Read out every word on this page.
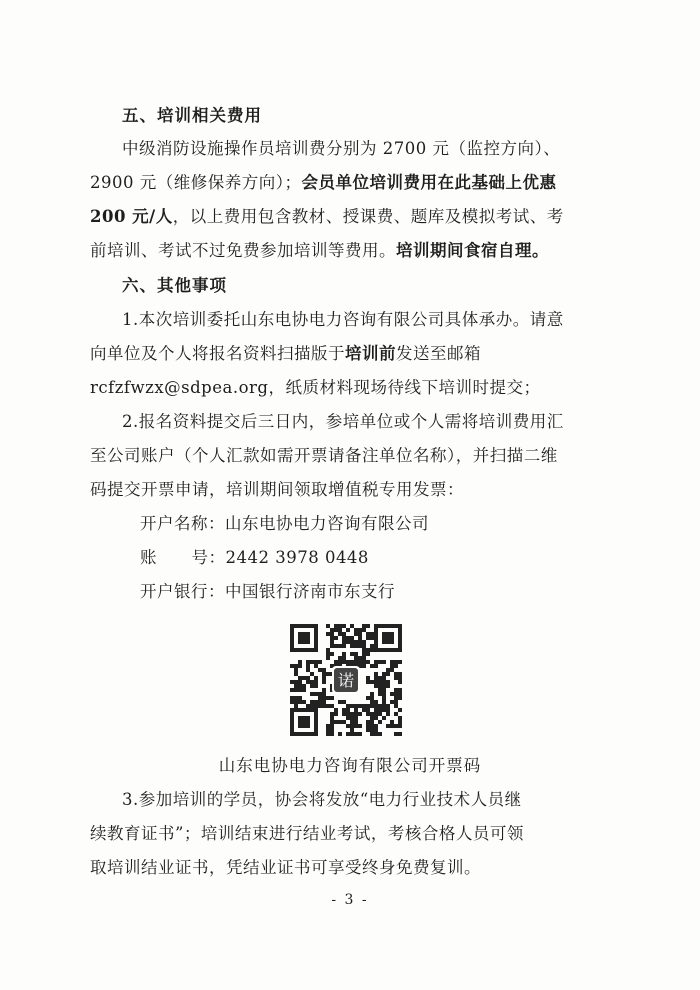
五、培训相关费用
中级消防设施操作员培训费分别为 2700 元（监控方向）、
2900 元（维修保养方向）；会员单位培训费用在此基础上优惠
200 元/人，以上费用包含教材、授课费、题库及模拟考试、考
前培训、考试不过免费参加培训等费用。培训期间食宿自理。
六、其他事项
1.本次培训委托山东电协电力咨询有限公司具体承办。请意
向单位及个人将报名资料扫描版于培训前发送至邮箱
rcfzfwzx@sdpea.org，纸质材料现场待线下培训时提交；
2.报名资料提交后三日内，参培单位或个人需将培训费用汇
至公司账户（个人汇款如需开票请备注单位名称），并扫描二维
码提交开票申请，培训期间领取增值税专用发票：
开户名称：山东电协电力咨询有限公司
账      号：2442 3978 0448
开户银行：中国银行济南市东支行
诺
山东电协电力咨询有限公司开票码
3.参加培训的学员，协会将发放“电力行业技术人员继
续教育证书”；培训结束进行结业考试，考核合格人员可领
取培训结业证书，凭结业证书可享受终身免费复训。
- 3 -
